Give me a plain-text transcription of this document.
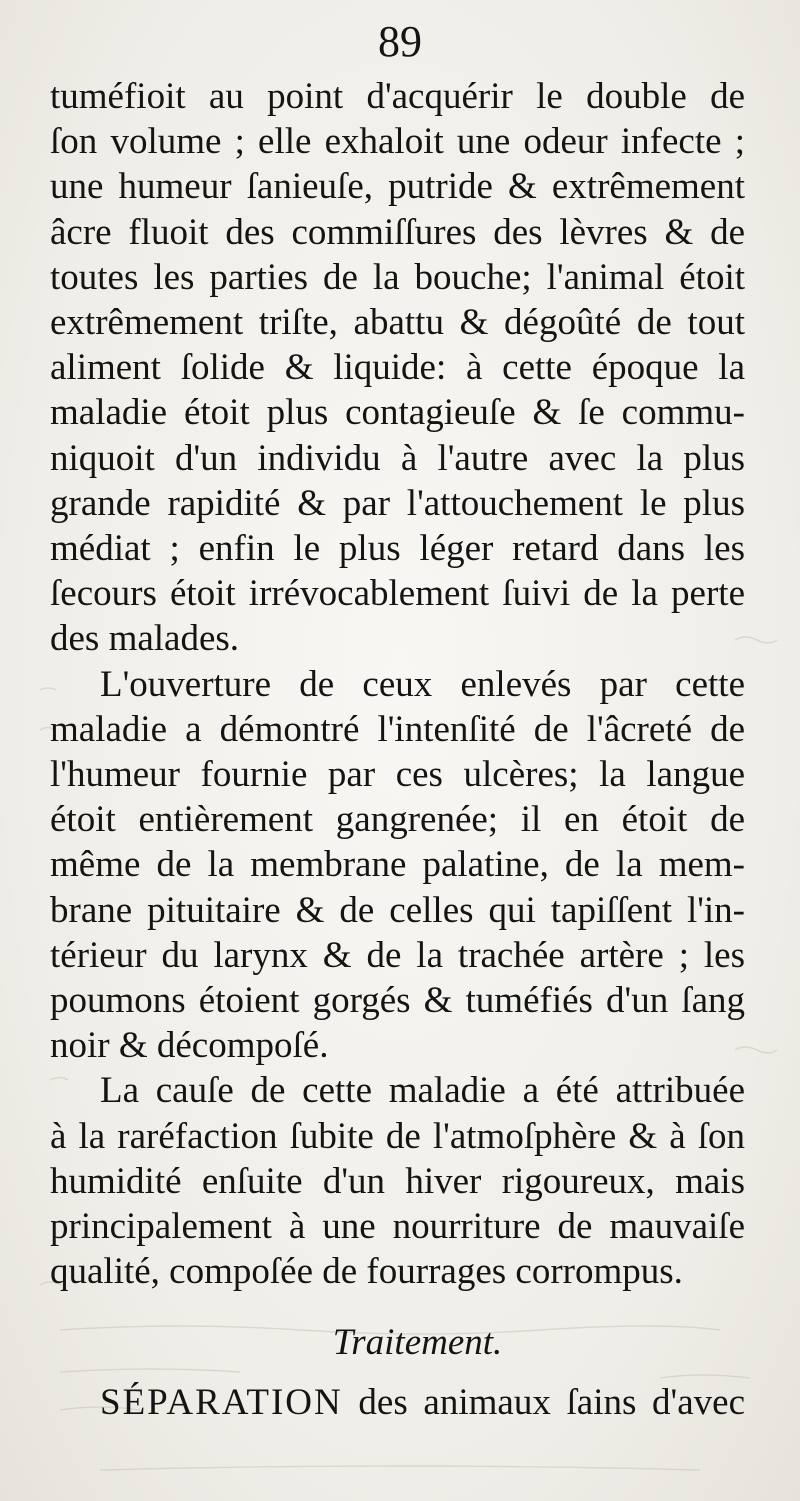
89
tuméfioit au point d'acquérir le double de
ſon volume ; elle exhaloit une odeur infecte ;
une humeur ſanieuſe, putride & extrêmement
âcre fluoit des commiſſures des lèvres & de
toutes les parties de la bouche; l'animal étoit
extrêmement triſte, abattu & dégoûté de tout
aliment ſolide & liquide: à cette époque la
maladie étoit plus contagieuſe & ſe commu-
niquoit d'un individu à l'autre avec la plus
grande rapidité & par l'attouchement le plus
médiat ; enfin le plus léger retard dans les
ſecours étoit irrévocablement ſuivi de la perte
des malades.
L'ouverture de ceux enlevés par cette
maladie a démontré l'intenſité de l'âcreté de
l'humeur fournie par ces ulcères; la langue
étoit entièrement gangrenée; il en étoit de
même de la membrane palatine, de la mem-
brane pituitaire & de celles qui tapiſſent l'in-
térieur du larynx & de la trachée artère ; les
poumons étoient gorgés & tuméfiés d'un ſang
noir & décompoſé.
La cauſe de cette maladie a été attribuée
à la raréfaction ſubite de l'atmoſphère & à ſon
humidité enſuite d'un hiver rigoureux, mais
principalement à une nourriture de mauvaiſe
qualité, compoſée de fourrages corrompus.
Traitement.
SÉPARATION des animaux ſains d'avec
